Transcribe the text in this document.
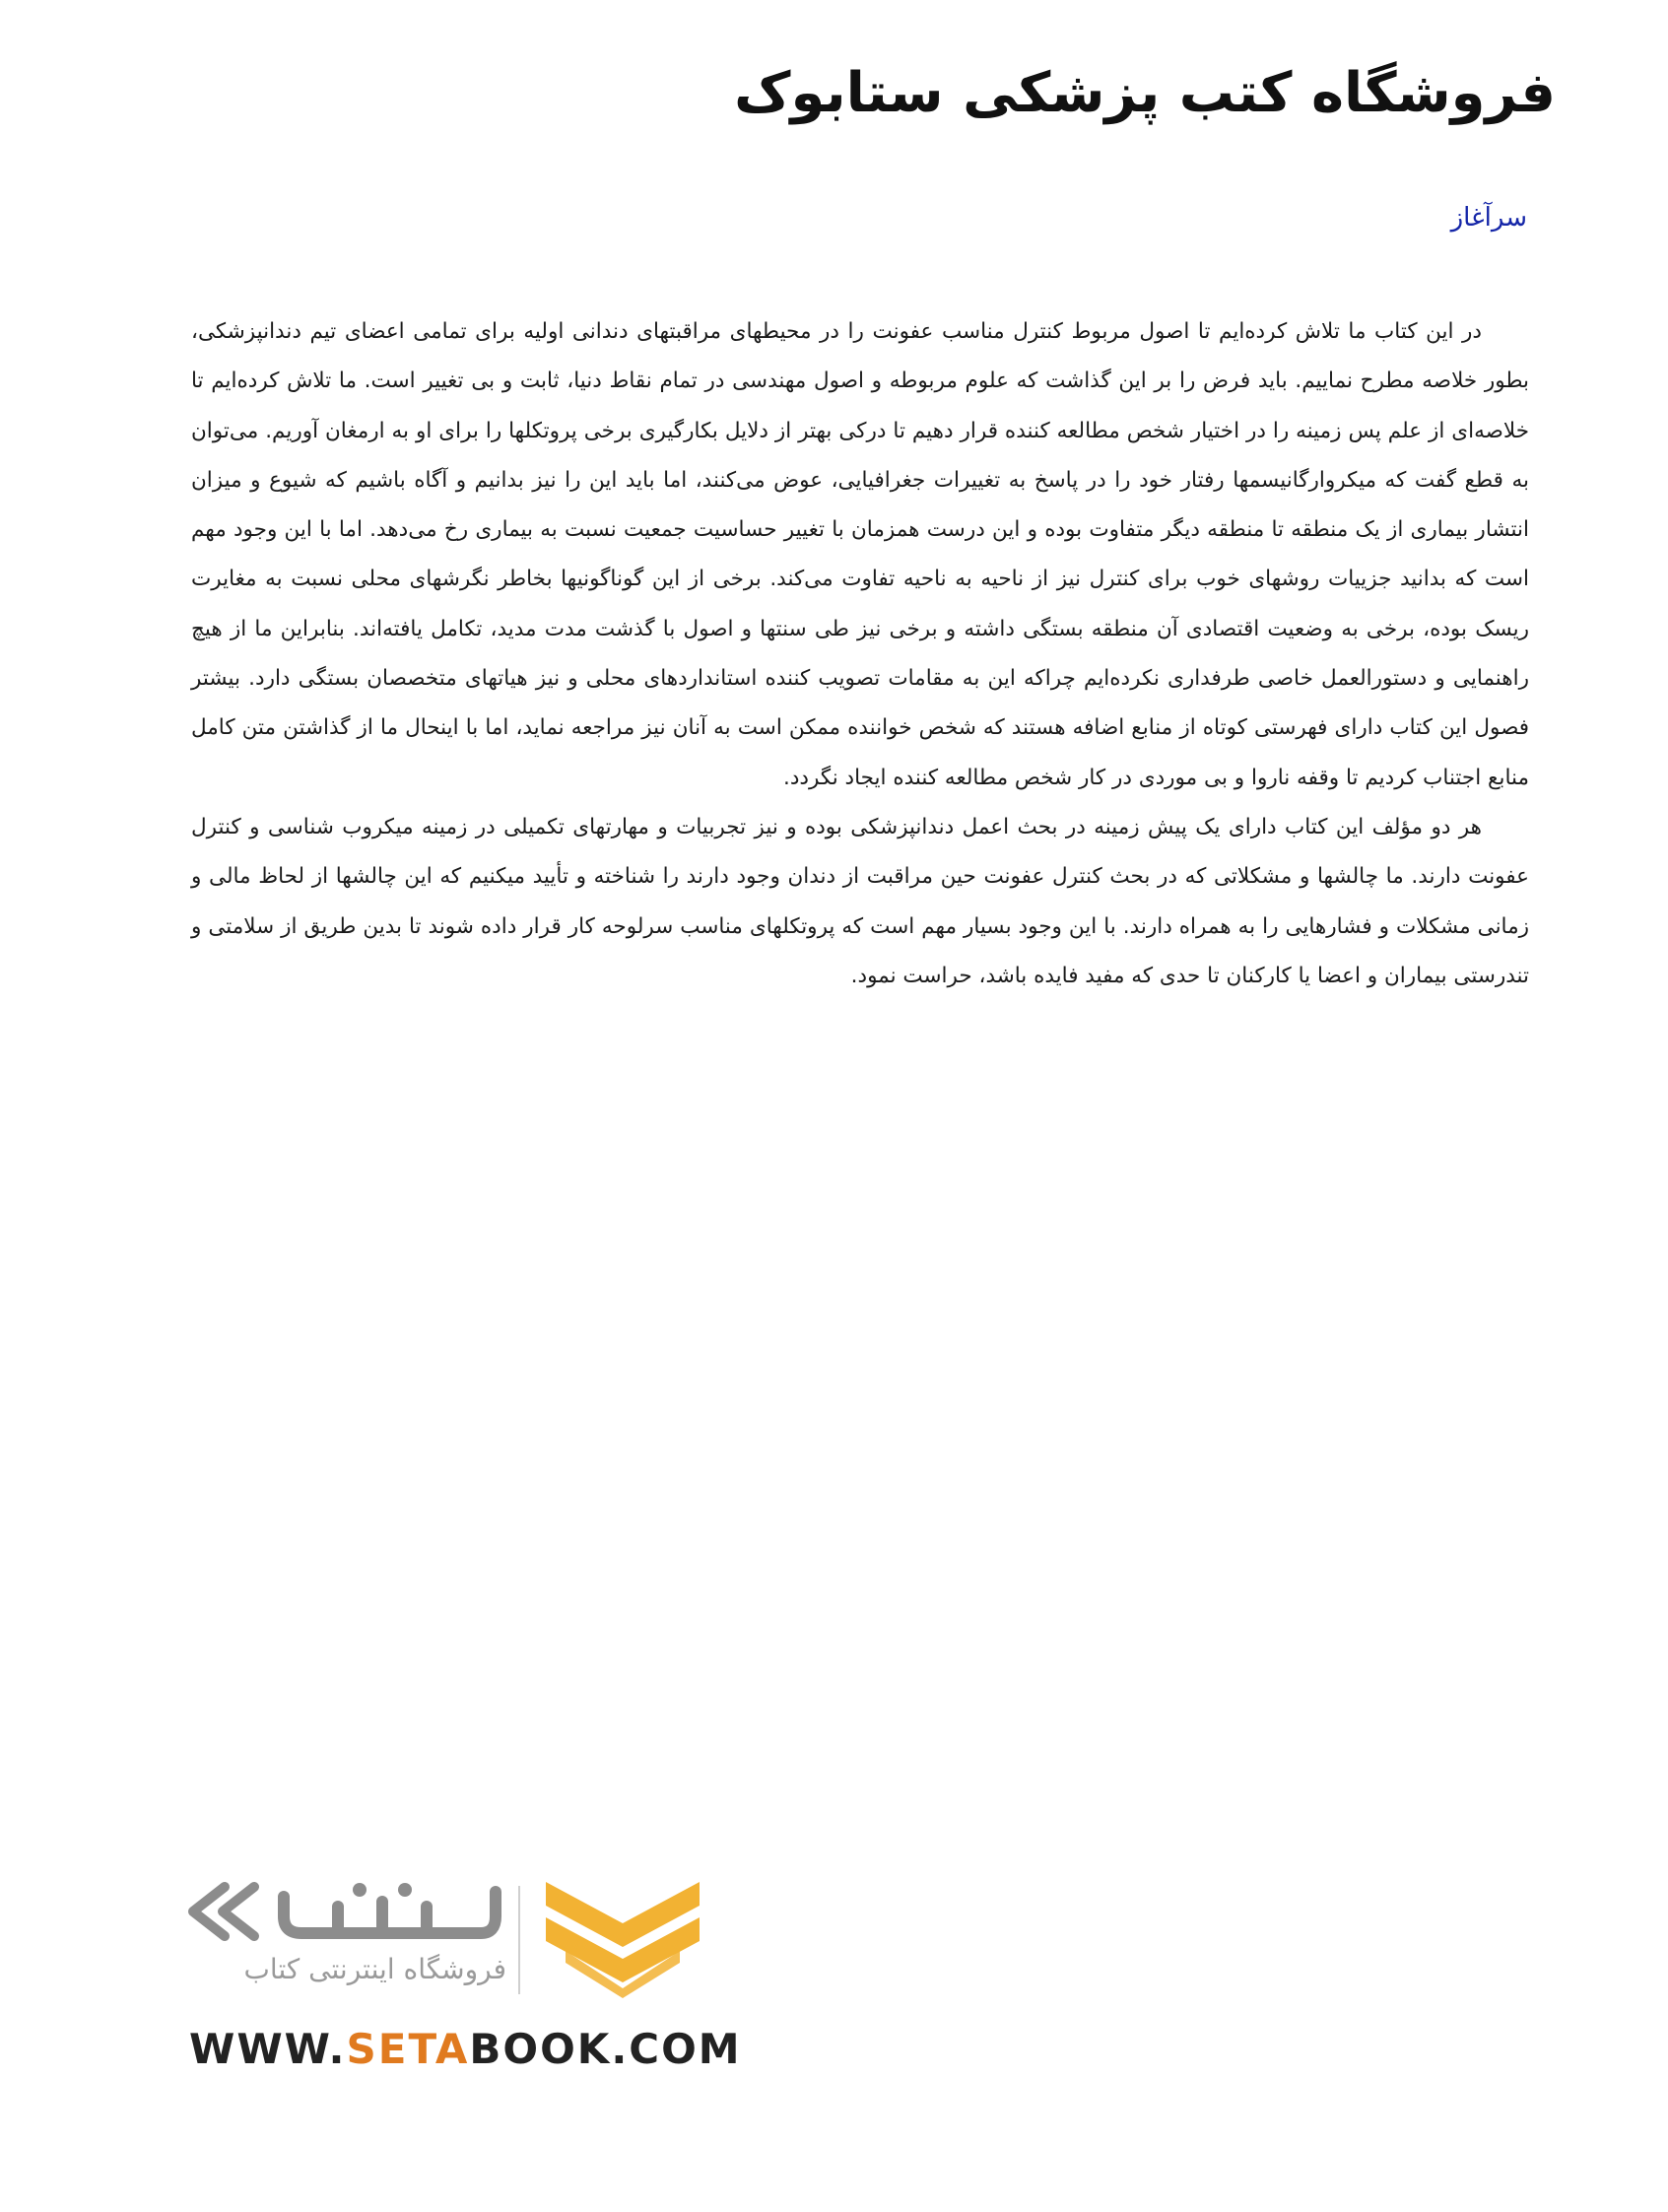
فروشگاه کتب پزشکی ستابوک
سرآغاز

در این کتاب ما تلاش کرده‌ایم تا اصول مربوط کنترل مناسب عفونت را در محیطهای مراقبتهای دندانی اولیه برای تمامی اعضای تیم دندانپزشکی، بطور خلاصه مطرح نماییم. باید فرض را بر این گذاشت که علوم مربوطه و اصول مهندسی در تمام نقاط دنیا، ثابت و بی تغییر است. ما تلاش کرده‌ایم تا خلاصه‌ای از علم پس زمینه را در اختیار شخص مطالعه کننده قرار دهیم تا درکی بهتر از دلایل بکارگیری برخی پروتکلها را برای او به ارمغان آوریم. می‌توان به قطع گفت که میکروارگانیسمها رفتار خود را در پاسخ به تغییرات جغرافیایی، عوض می‌کنند، اما باید این را نیز بدانیم و آگاه باشیم که شیوع و میزان انتشار بیماری از یک منطقه تا منطقه دیگر متفاوت بوده و این درست همزمان با تغییر حساسیت جمعیت نسبت به بیماری رخ می‌دهد. اما با این وجود مهم است که بدانید جزییات روشهای خوب برای کنترل نیز از ناحیه به ناحیه تفاوت می‌کند. برخی از این گوناگونیها بخاطر نگرشهای محلی نسبت به مغایرت ریسک بوده، برخی به وضعیت اقتصادی آن منطقه بستگی داشته و برخی نیز طی سنتها و اصول با گذشت مدت مدید، تکامل یافته‌اند. بنابراین ما از هیچ راهنمایی و دستورالعمل خاصی طرفداری نکرده‌ایم چراکه این به مقامات تصویب کننده استانداردهای محلی و نیز هیاتهای متخصصان بستگی دارد. بیشتر فصول این کتاب دارای فهرستی کوتاه از منابع اضافه هستند که شخص خواننده ممکن است به آنان نیز مراجعه نماید، اما با اینحال ما از گذاشتن متن کامل منابع اجتناب کردیم تا وقفه ناروا و بی موردی در کار شخص مطالعه کننده ایجاد نگردد.

هر دو مؤلف این کتاب دارای یک پیش زمینه در بحث اعمل دندانپزشکی بوده و نیز تجربیات و مهارتهای تکمیلی در زمینه میکروب شناسی و کنترل عفونت دارند. ما چالشها و مشکلاتی که در بحث کنترل عفونت حین مراقبت از دندان وجود دارند را شناخته و تأیید میکنیم که این چالشها از لحاظ مالی و زمانی مشکلات و فشارهایی را به همراه دارند. با این وجود بسیار مهم است که پروتکلهای مناسب سرلوحه کار قرار داده شوند تا بدین طریق از سلامتی و تندرستی بیماران و اعضا یا کارکنان تا حدی که مفید فایده باشد، حراست نمود.

فروشگاه اینترنتی کتاب
WWW.SETABOOK.COM
